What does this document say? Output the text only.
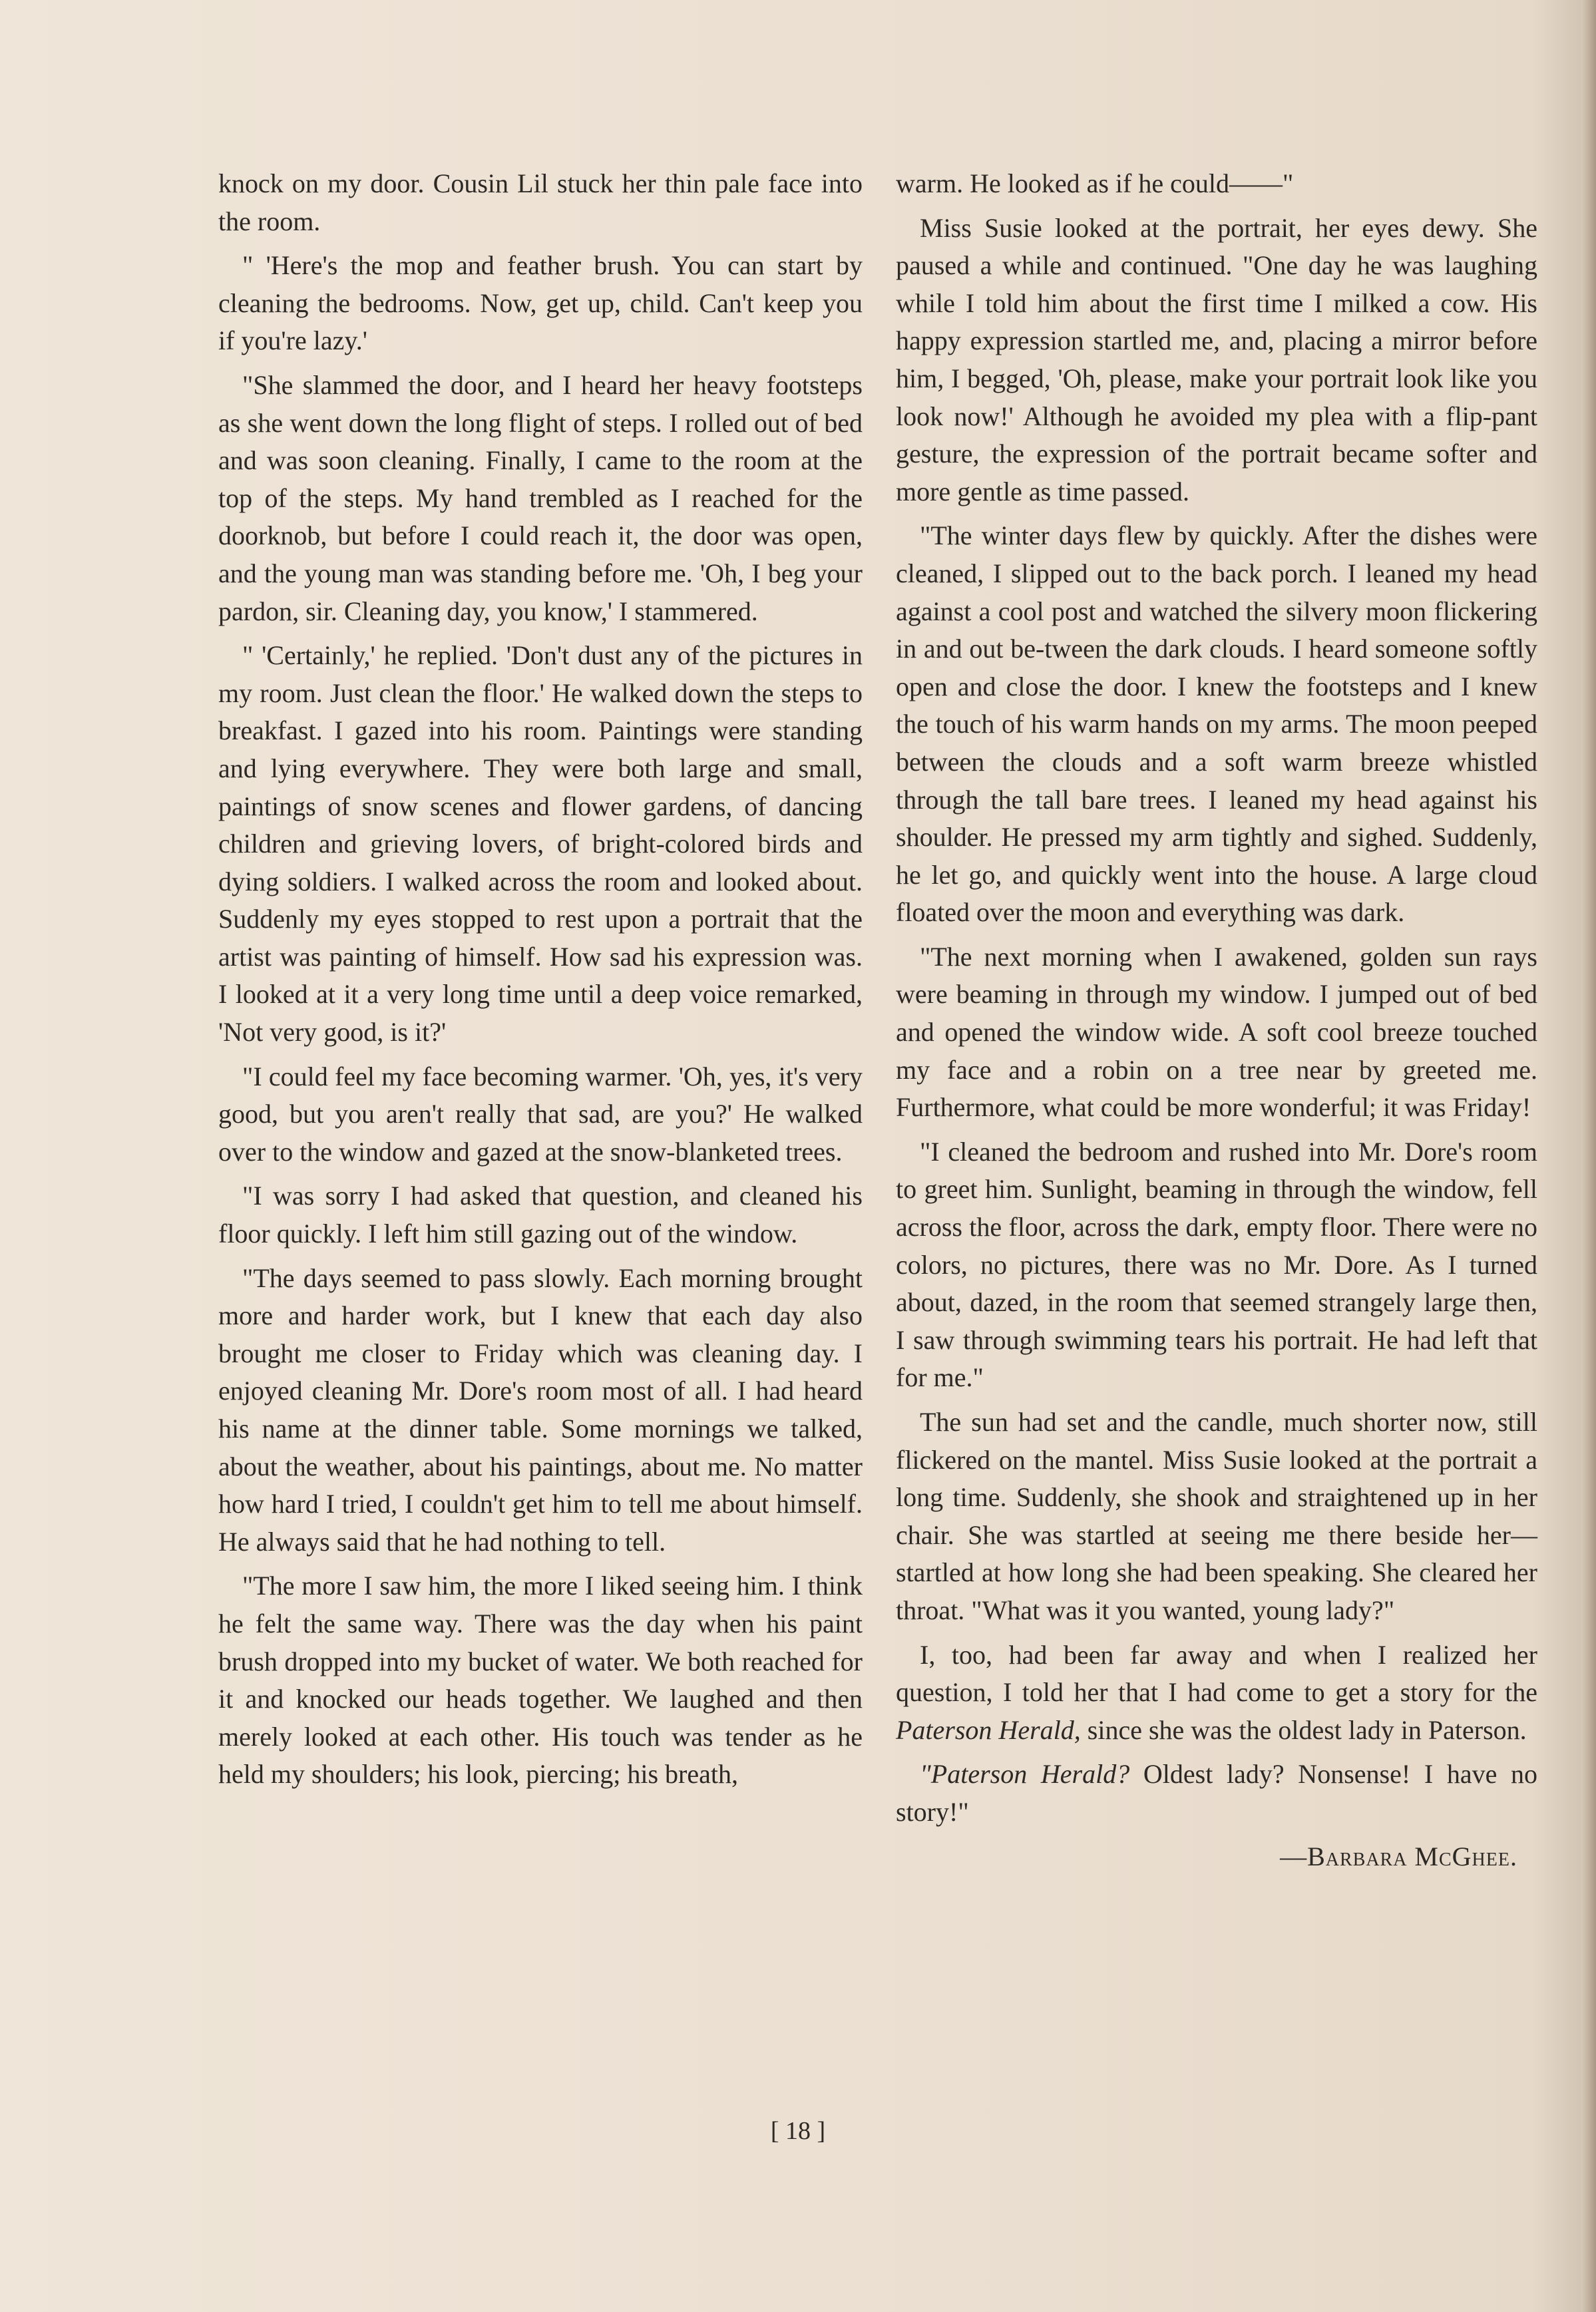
knock on my door. Cousin Lil stuck her thin pale face into the room.

" 'Here's the mop and feather brush. You can start by cleaning the bedrooms. Now, get up, child. Can't keep you if you're lazy.'

"She slammed the door, and I heard her heavy footsteps as she went down the long flight of steps. I rolled out of bed and was soon cleaning. Finally, I came to the room at the top of the steps. My hand trembled as I reached for the doorknob, but before I could reach it, the door was open, and the young man was standing before me. 'Oh, I beg your pardon, sir. Cleaning day, you know,' I stammered.

" 'Certainly,' he replied. 'Don't dust any of the pictures in my room. Just clean the floor.' He walked down the steps to breakfast. I gazed into his room. Paintings were standing and lying everywhere. They were both large and small, paintings of snow scenes and flower gardens, of dancing children and grieving lovers, of bright-colored birds and dying soldiers. I walked across the room and looked about. Suddenly my eyes stopped to rest upon a portrait that the artist was painting of himself. How sad his expression was. I looked at it a very long time until a deep voice remarked, 'Not very good, is it?'

"I could feel my face becoming warmer. 'Oh, yes, it's very good, but you aren't really that sad, are you?' He walked over to the window and gazed at the snow-blanketed trees.

"I was sorry I had asked that question, and cleaned his floor quickly. I left him still gazing out of the window.

"The days seemed to pass slowly. Each morning brought more and harder work, but I knew that each day also brought me closer to Friday which was cleaning day. I enjoyed cleaning Mr. Dore's room most of all. I had heard his name at the dinner table. Some mornings we talked, about the weather, about his paintings, about me. No matter how hard I tried, I couldn't get him to tell me about himself. He always said that he had nothing to tell.

"The more I saw him, the more I liked seeing him. I think he felt the same way. There was the day when his paint brush dropped into my bucket of water. We both reached for it and knocked our heads together. We laughed and then merely looked at each other. His touch was tender as he held my shoulders; his look, piercing; his breath,

warm. He looked as if he could——"

Miss Susie looked at the portrait, her eyes dewy. She paused a while and continued. "One day he was laughing while I told him about the first time I milked a cow. His happy expression startled me, and, placing a mirror before him, I begged, 'Oh, please, make your portrait look like you look now!' Although he avoided my plea with a flip-pant gesture, the expression of the portrait became softer and more gentle as time passed.

"The winter days flew by quickly. After the dishes were cleaned, I slipped out to the back porch. I leaned my head against a cool post and watched the silvery moon flickering in and out be-tween the dark clouds. I heard someone softly open and close the door. I knew the footsteps and I knew the touch of his warm hands on my arms. The moon peeped between the clouds and a soft warm breeze whistled through the tall bare trees. I leaned my head against his shoulder. He pressed my arm tightly and sighed. Suddenly, he let go, and quickly went into the house. A large cloud floated over the moon and everything was dark.

"The next morning when I awakened, golden sun rays were beaming in through my window. I jumped out of bed and opened the window wide. A soft cool breeze touched my face and a robin on a tree near by greeted me. Furthermore, what could be more wonderful; it was Friday!

"I cleaned the bedroom and rushed into Mr. Dore's room to greet him. Sunlight, beaming in through the window, fell across the floor, across the dark, empty floor. There were no colors, no pictures, there was no Mr. Dore. As I turned about, dazed, in the room that seemed strangely large then, I saw through swimming tears his portrait. He had left that for me."

The sun had set and the candle, much shorter now, still flickered on the mantel. Miss Susie looked at the portrait a long time. Suddenly, she shook and straightened up in her chair. She was startled at seeing me there beside her—startled at how long she had been speaking. She cleared her throat. "What was it you wanted, young lady?"

I, too, had been far away and when I realized her question, I told her that I had come to get a story for the Paterson Herald, since she was the oldest lady in Paterson.

"Paterson Herald? Oldest lady? Nonsense! I have no story!"

—Barbara McGhee.

[ 18 ]
